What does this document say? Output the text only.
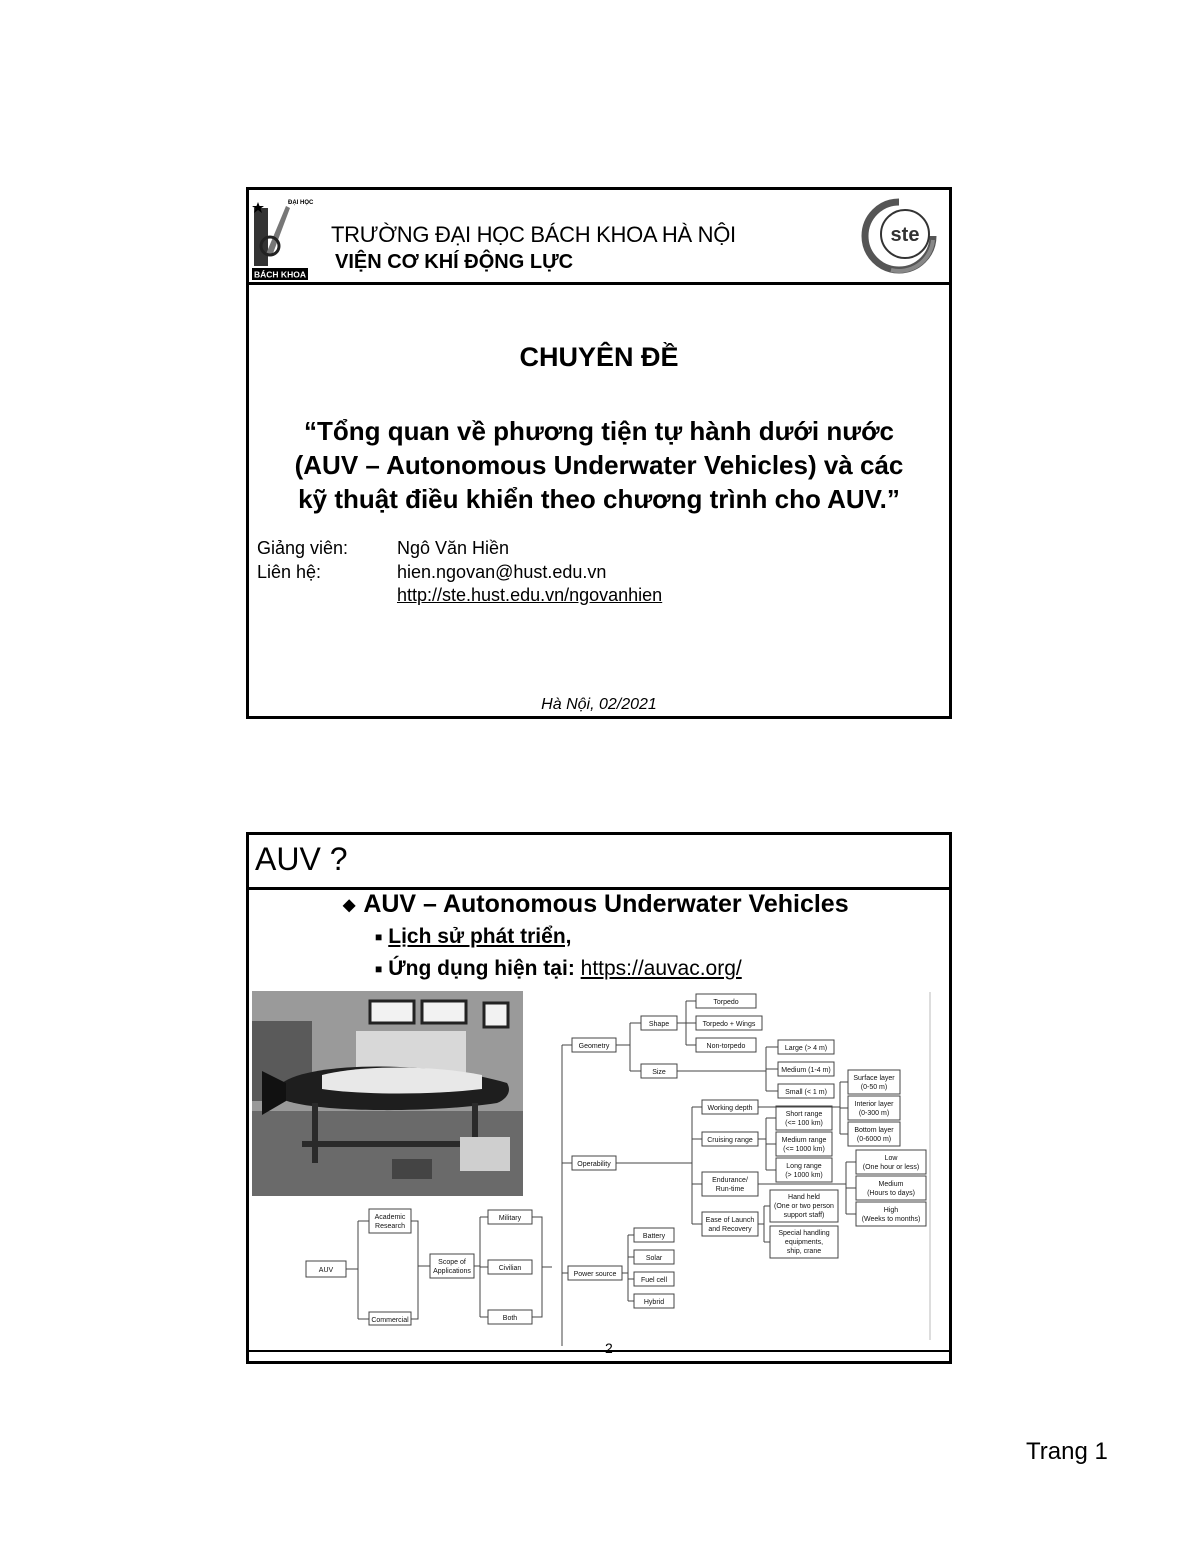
ĐẠI HỌC
BÁCH KHOA
TRƯỜNG ĐẠI HỌC BÁCH KHOA HÀ NỘI
VIỆN CƠ KHÍ ĐỘNG LỰC
ste
CHUYÊN ĐỀ
“Tổng quan về phương tiện tự hành dưới nước
(AUV – Autonomous Underwater Vehicles) và các
kỹ thuật điều khiển theo chương trình cho AUV.”
Giảng viên:	Ngô Văn Hiền
Liên hệ:	hien.ngovan@hust.edu.vn
http://ste.hust.edu.vn/ngovanhien
Hà Nội, 02/2021
AUV ?
◆ AUV – Autonomous Underwater Vehicles
■ Lịch sử phát triển,
■ Ứng dụng hiện tại: https://auvac.org/
AUV
Academic
Research
Commercial
Scope of
Applications
Military
Civilian
Both
Geometry
Shape
Size
Torpedo
Torpedo + Wings
Non-torpedo	Large (> 4 m)
Medium (1-4 m)
Small (< 1 m)
Operability
Working depth
Cruising range
Endurance/
Run-time
Ease of Launch
and Recovery
Short range
(<= 100 km)
Medium range
(<= 1000 km)
Long range
(> 1000 km)
Surface layer
(0-50 m)
Interior layer
(0-300 m)
Bottom layer
(0-6000 m)
Low
(One hour or less)
Medium
(Hours to days)
High
(Weeks to months)
Hand held
(One or two person
support staff)
Special handling
equipments,
ship, crane
Power source
Battery
Solar
Fuel cell
Hybrid
2
Trang 1
